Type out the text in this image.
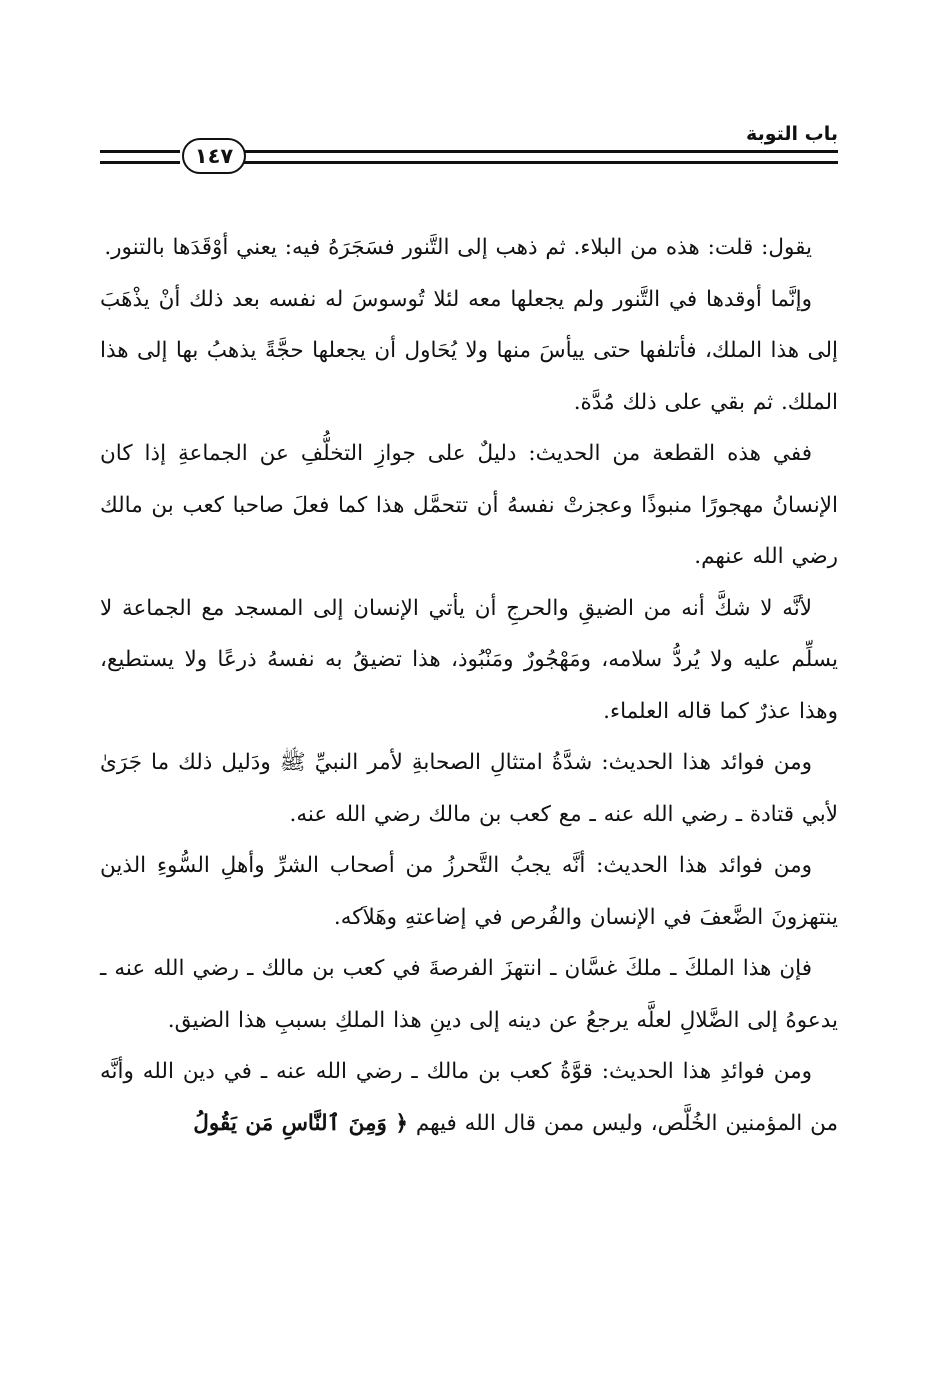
باب التوبة
١٤٧

يقول: قلت: هذه من البلاء. ثم ذهب إلى التَّنور فسَجَرَهُ فيه: يعني أوْقَدَها بالتنور.

وإنَّما أوقدها في التَّنور ولم يجعلها معه لئلا تُوسوسَ له نفسه بعد ذلك أنْ يذْهَبَ إلى هذا الملك، فأتلفها حتى ييأسَ منها ولا يُحَاول أن يجعلها حجَّةً يذهبُ بها إلى هذا الملك. ثم بقي على ذلك مُدَّة.

ففي هذه القطعة من الحديث: دليلٌ على جوازِ التخلُّفِ عن الجماعةِ إذا كان الإنسانُ مهجورًا منبوذًا وعجزتْ نفسهُ أن تتحمَّل هذا كما فعلَ صاحبا كعب بن مالك رضي الله عنهم.

لأنَّه لا شكَّ أنه من الضيقِ والحرجِ أن يأتي الإنسان إلى المسجد مع الجماعة لا يسلِّم عليه ولا يُردُّ سلامه، ومَهْجُورٌ ومَنْبُوذ، هذا تضيقُ به نفسهُ ذرعًا ولا يستطيع، وهذا عذرٌ كما قاله العلماء.

ومن فوائد هذا الحديث: شدَّةُ امتثالِ الصحابةِ لأمر النبيِّ ﷺ ودَليل ذلك ما جَرَىٰ لأبي قتادة ـ رضي الله عنه ـ مع كعب بن مالك رضي الله عنه.

ومن فوائد هذا الحديث: أنَّه يجبُ التَّحرزُ من أصحاب الشرِّ وأهلِ السُّوءِ الذين ينتهزونَ الضَّعفَ في الإنسان والفُرص في إضاعتهِ وهَلاَكه.

فإن هذا الملكَ ـ ملكَ غسَّان ـ انتهزَ الفرصةَ في كعب بن مالك ـ رضي الله عنه ـ يدعوهُ إلى الضَّلالِ لعلَّه يرجعُ عن دينه إلى دينِ هذا الملكِ بسببِ هذا الضيق.

ومن فوائدِ هذا الحديث: قوَّةُ كعب بن مالك ـ رضي الله عنه ـ في دين الله وأنَّه من المؤمنين الخُلَّص، وليس ممن قال الله فيهم ﴿ وَمِنَ ٱلنَّاسِ مَن يَقُولُ
